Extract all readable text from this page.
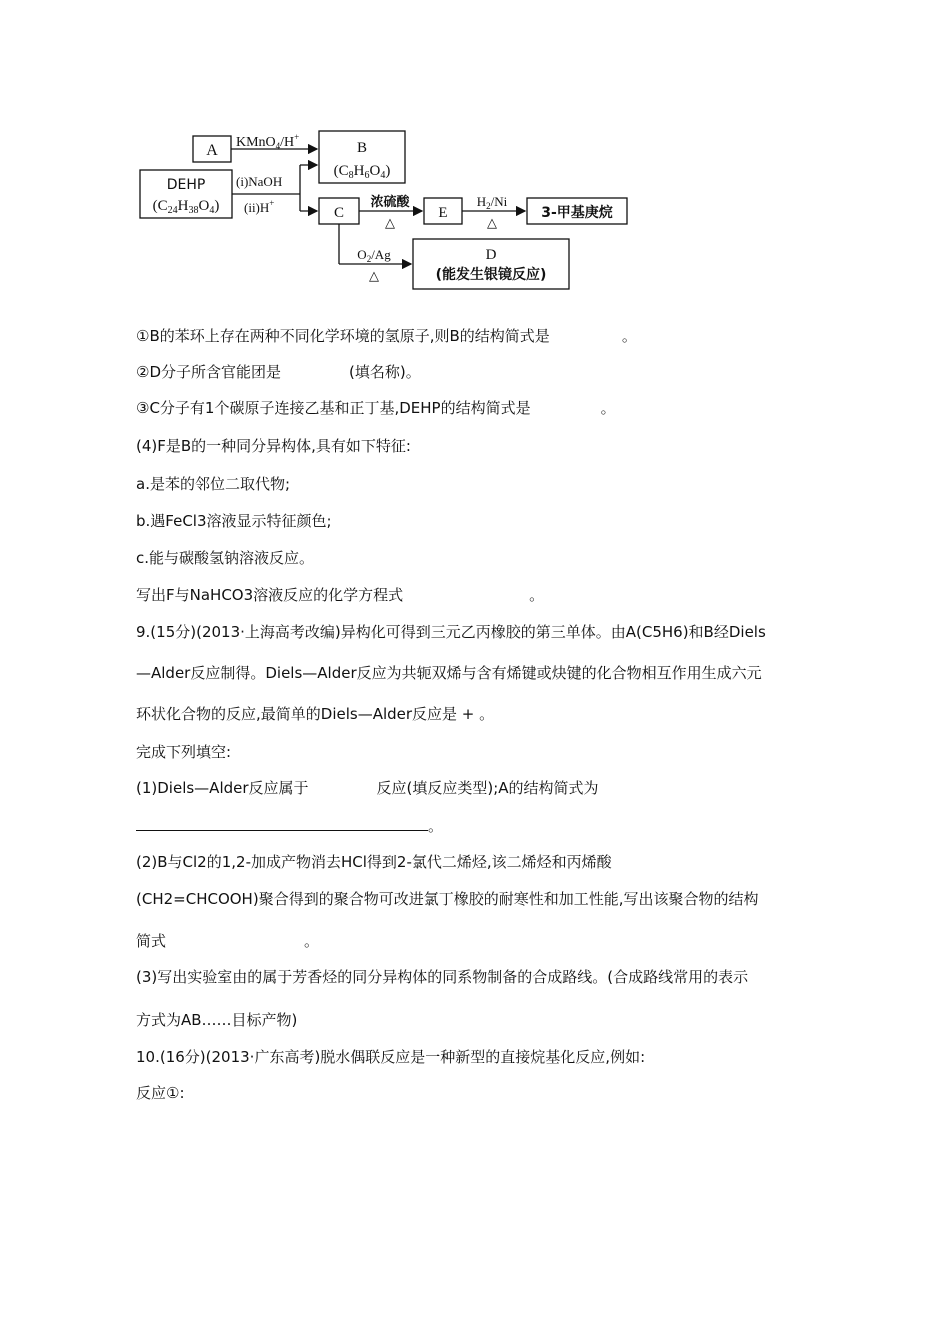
A	B
$(C_8H_6O_4)$
DEHP
$(C_{24}H_{38}O_4)$	C	E	3-甲基庚烷
D
(能发生银镜反应)
KMnO$_4$/H+
(i)NaOH
(ii)H+	浓硫酸
△
$H_2/Ni$
△
$O_2/Ag$
△
①B的苯环上存在两种不同化学环境的氢原子,则B的结构简式是	。
②D分子所含官能团是	(填名称)。
③C分子有1个碳原子连接乙基和正丁基,DEHP的结构简式是	。
(4)F是B的一种同分异构体,具有如下特征:
a.是苯的邻位二取代物;
b.遇FeCl3溶液显示特征颜色;
c.能与碳酸氢钠溶液反应。
写出F与NaHCO3溶液反应的化学方程式	。
9.(15分)(2013·上海高考改编)异构化可得到三元乙丙橡胶的第三单体。由A(C5H6)和B经Diels
—Alder反应制得。Diels—Alder反应为共轭双烯与含有烯键或炔键的化合物相互作用生成六元
环状化合物的反应,最简单的Diels—Alder反应是 + 。
完成下列填空:
(1)Diels—Alder反应属于	反应(填反应类型);A的结构简式为
。
(2)B与Cl2的1,2-加成产物消去HCl得到2-氯代二烯烃,该二烯烃和丙烯酸
(CH2=CHCOOH)聚合得到的聚合物可改进氯丁橡胶的耐寒性和加工性能,写出该聚合物的结构
简式	。
(3)写出实验室由的属于芳香烃的同分异构体的同系物制备的合成路线。(合成路线常用的表示
方式为AB……目标产物)
10.(16分)(2013·广东高考)脱水偶联反应是一种新型的直接烷基化反应,例如:
反应①:
